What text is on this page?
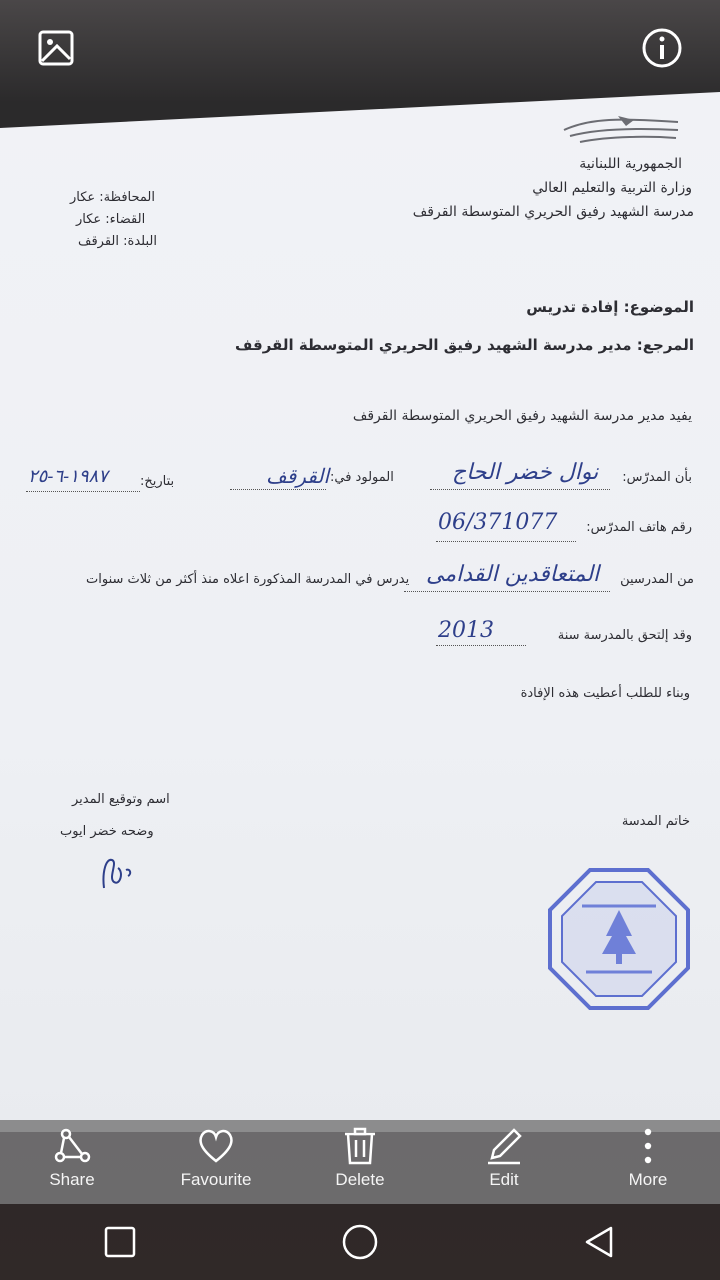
الجمهورية اللبنانية
وزارة التربية والتعليم العالي
مدرسة الشهيد رفيق الحريري المتوسطة القرقف
المحافظة: عكار
القضاء: عكار
البلدة: القرقف
الموضوع: إفادة تدريس
المرجع: مدير مدرسة الشهيد رفيق الحريري المتوسطة القرقف
يفيد مدير مدرسة الشهيد رفيق الحريري المتوسطة القرقف
بأن المدرّس:
نوال خضر الحاج
المولود في:
القرقف
بتاريخ:
١٩٨٧-٦-٢٥
رقم هاتف المدرّس:
06/371077
من المدرسين
المتعاقدين القدامى
يدرس في المدرسة المذكورة اعلاه منذ أكثر من ثلاث سنوات
وقد إلتحق بالمدرسة سنة
2013
وبناء للطلب أعطيت هذه الإفادة
خاتم المدسة
اسم وتوقيع المدير
وضحه خضر ايوب
Share	Favourite	Delete	Edit	More
